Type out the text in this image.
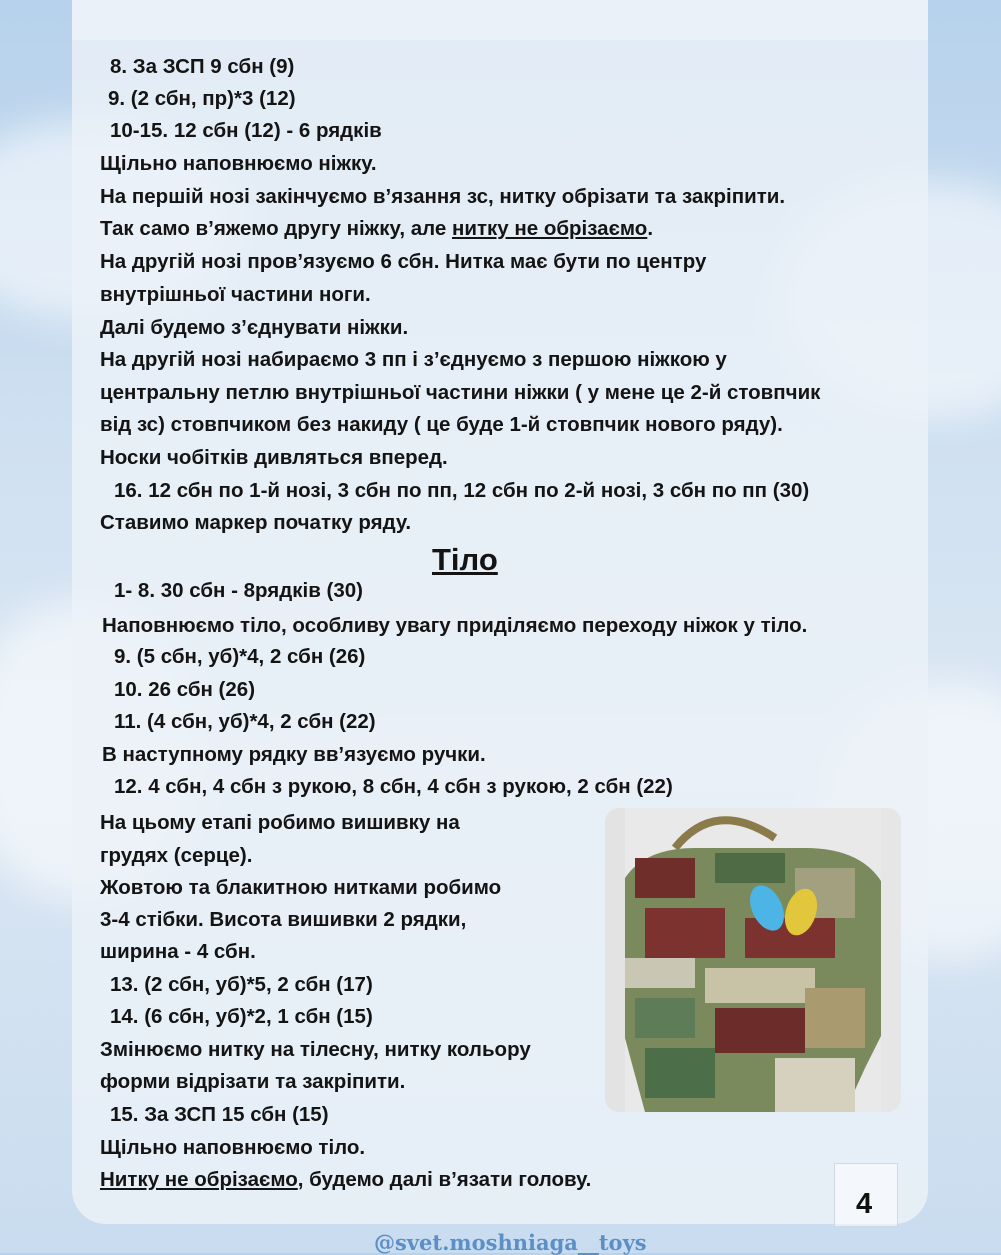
8. За ЗСП 9 сбн (9)
9. (2 сбн, пр)*3 (12)
10-15. 12 сбн (12) - 6 рядків
Щільно наповнюємо ніжку.
На першій нозі закінчуємо в’язання зс, нитку обрізати та закріпити.
Так само в’яжемо другу ніжку, але нитку не обрізаємо.
На другій нозі пров’язуємо 6 сбн. Нитка має бути по центру
внутрішньої частини ноги.
Далі будемо з’єднувати ніжки.
На другій нозі набираємо 3 пп і з’єднуємо з першою ніжкою у
центральну петлю внутрішньої частини ніжки ( у мене це 2-й стовпчик
від зс) стовпчиком без накиду ( це буде 1-й стовпчик нового ряду).
Носки чобітків дивляться вперед.
16. 12 сбн по 1-й нозі, 3 сбн по пп, 12 сбн по 2-й нозі, 3 сбн по пп (30)
Ставимо маркер початку ряду.
Тіло
1- 8. 30 сбн - 8рядків (30)
Наповнюємо тіло, особливу увагу приділяємо переходу ніжок у тіло.
9. (5 сбн, уб)*4, 2 сбн (26)
10. 26 сбн (26)
11. (4 сбн, уб)*4, 2 сбн (22)
В наступному рядку вв’язуємо ручки.
12. 4 сбн, 4 сбн з рукою, 8 сбн, 4 сбн з рукою, 2 сбн (22)
На цьому етапі робимо вишивку на
грудях (серце).
Жовтою та блакитною нитками робимо
3-4 стібки. Висота вишивки 2 рядки,
ширина - 4 сбн.
13. (2 сбн, уб)*5, 2 сбн (17)
14. (6 сбн, уб)*2, 1 сбн (15)
Змінюємо нитку на тілесну, нитку кольору
форми відрізати та закріпити.
15. За ЗСП 15 сбн (15)
Щільно наповнюємо тіло.
Нитку не обрізаємо, будемо далі в’язати голову.
4
@svet.moshniaga__toys
